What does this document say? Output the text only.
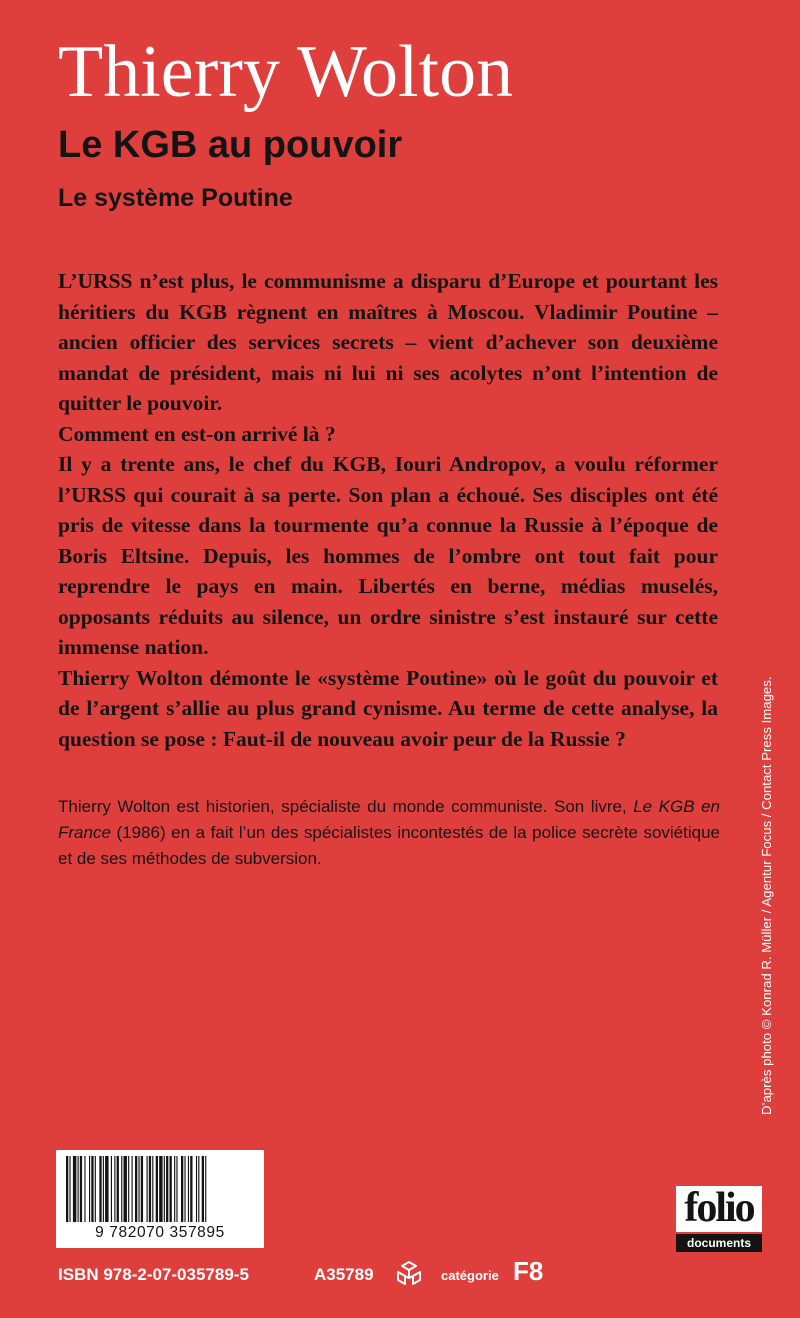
Thierry Wolton
Le KGB au pouvoir
Le système Poutine

L’URSS n’est plus, le communisme a disparu d’Europe et pourtant les héritiers du KGB règnent en maîtres à Moscou. Vladimir Poutine – ancien officier des services secrets – vient d’achever son deuxième mandat de président, mais ni lui ni ses acolytes n’ont l’intention de quitter le pouvoir.

Comment en est-on arrivé là ?

Il y a trente ans, le chef du KGB, Iouri Andropov, a voulu réformer l’URSS qui courait à sa perte. Son plan a échoué. Ses disciples ont été pris de vitesse dans la tourmente qu’a connue la Russie à l’époque de Boris Eltsine. Depuis, les hommes de l’ombre ont tout fait pour reprendre le pays en main. Libertés en berne, médias muselés, opposants réduits au silence, un ordre sinistre s’est instauré sur cette immense nation.

Thierry Wolton démonte le «système Poutine» où le goût du pouvoir et de l’argent s’allie au plus grand cynisme. Au terme de cette analyse, la question se pose : Faut-il de nouveau avoir peur de la Russie ?

Thierry Wolton est historien, spécialiste du monde communiste. Son livre, Le KGB en France (1986) en a fait l’un des spécialistes incontestés de la police secrète soviétique et de ses méthodes de subversion.	D’après photo © Konrad R. Müller / Agentur Focus / Contact Press Images.
9 782070 357895
ISBN 978-2-07-035789-5	A35789	catégorie F8
folio
documents
